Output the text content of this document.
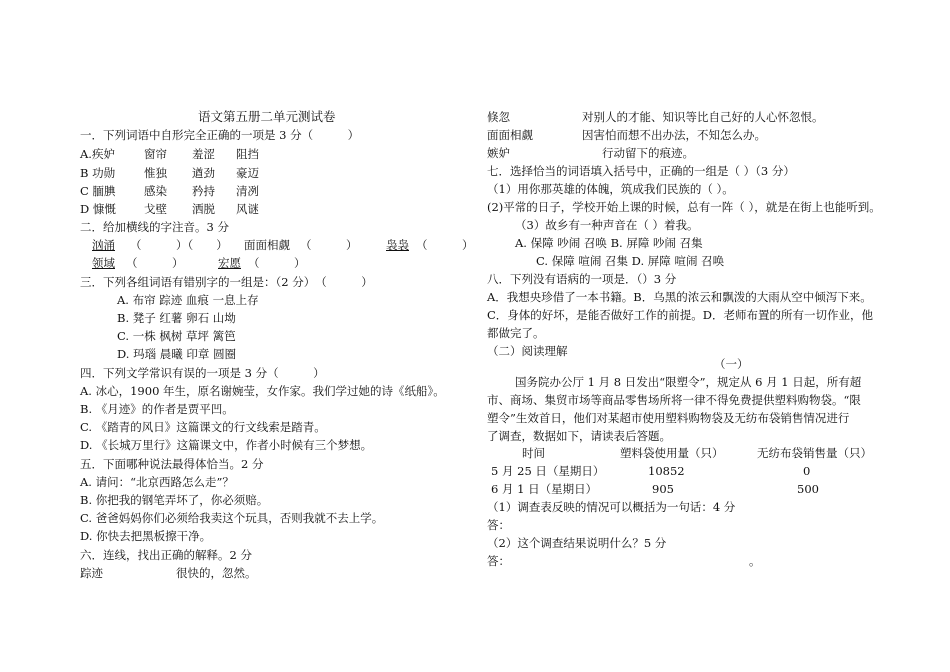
语文第五册二单元测试卷
一．下列词语中自形完全正确的一项是 3 分（　　　）
A.疾妒	窗帘 羞涩 阻挡
B 功勋	惟独 遒劲 豪迈
C 腼腆 感染 矜持 清冽
D 慷慨 戈壁 洒脱 风谜
二．给加横线的字注音。3 分
汹涌 （　　　）（　　） 面面相觑 （　　　） 袅袅 （　　　）
领域 （　　　）	宏愿 （　　　）
三．下列各组词语有错别字的一组是：（2 分）　（　　　）
A. 布帘 踪迹 血痕 一息上存
B. 凳子 红薯 卵石 山坳
C. 一株 枫树 草坪 篱笆
D. 玛瑙 晨曦 印章 圆圈
四．下列文学常识有误的一项是 3 分（　　　）
A. 冰心，1900 年生，原名谢婉莹，女作家。我们学过她的诗《纸船》。
B. 《月迹》的作者是贾平凹。
C. 《踏青的风日》这篇课文的行文线索是踏青。
D. 《长城万里行》这篇课文中，作者小时候有三个梦想。
五．下面哪种说法最得体恰当。2 分
A. 请问：“北京西路怎么走”？
B. 你把我的钢笔弄坏了，你必须赔。
C. 爸爸妈妈你们必须给我卖这个玩具，否则我就不去上学。
D. 你快去把黑板擦干净。
六．连线，找出正确的解释。2 分
踪迹	很快的，忽然。
倏忽	对别人的才能、知识等比自己好的人心怀忽恨。
面面相觑	因害怕而想不出办法，不知怎么办。
嫉妒	行动留下的痕迹。
七．选择恰当的词语填入括号中，正确的一组是（ ）（3 分）
（1）用你那英雄的体魄，筑成我们民族的（ ）。
(2)平常的日子，学校开始上课的时候，总有一阵（ ），就是在街上也能听到。
（3）故乡有一种声音在（ ）着我。
A. 保障 吵闹 召唤 B. 屏障 吵闹 召集
C. 保障 喧闹 召集 D. 屏障 喧闹 召唤
八．下列没有语病的一项是．（）3 分
A．我想央珍借了一本书籍。B．乌黑的浓云和飘泼的大雨从空中倾泻下来。
C．身体的好坏，是能否做好工作的前提。D．老师布置的所有一切作业，他
都做完了。
（二）阅读理解
（一）
国务院办公厅 1 月 8 日发出“限塑令”，规定从 6 月 1 日起，所有超
市、商场、集贸市场等商品零售场所将一律不得免费提供塑料购物袋。“限
塑令”生效首日，他们对某超市使用塑料购物袋及无纺布袋销售情况进行
了调查，数据如下，请读表后答题。
时间	塑料袋使用量（只）	无纺布袋销售量（只）
5 月 25 日（星期日）	10852	0
6 月 1 日（星期日）	905	500
（1）调查表反映的情况可以概括为一句话：4 分
答：
（2）这个调查结果说明什么？5 分
答：	。
